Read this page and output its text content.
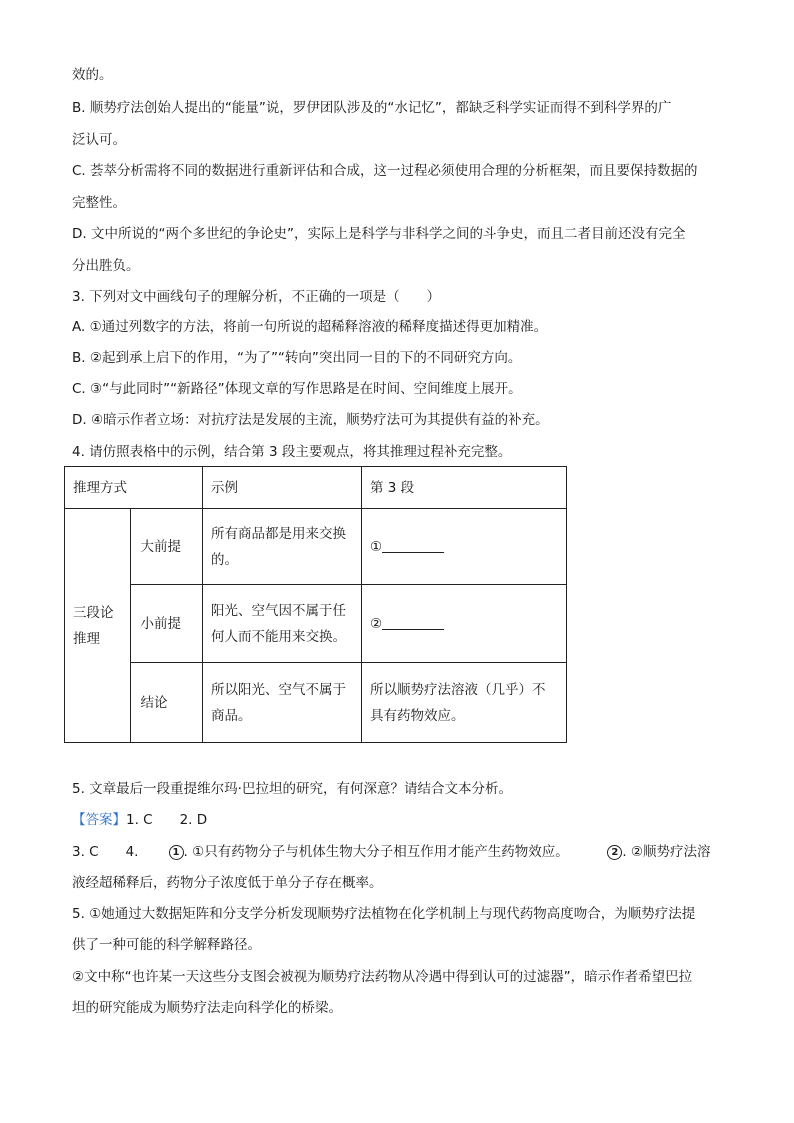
效的。
B. 顺势疗法创始人提出的“能量”说，罗伊团队涉及的“水记忆”，都缺乏科学实证而得不到科学界的广
泛认可。
C. 荟萃分析需将不同的数据进行重新评估和合成，这一过程必须使用合理的分析框架，而且要保持数据的
完整性。
D. 文中所说的“两个多世纪的争论史”，实际上是科学与非科学之间的斗争史，而且二者目前还没有完全
分出胜负。
3. 下列对文中画线句子的理解分析，不正确的一项是（　　）
A. ①通过列数字的方法，将前一句所说的超稀释溶液的稀释度描述得更加精准。
B. ②起到承上启下的作用，“为了”“转向”突出同一目的下的不同研究方向。
C. ③“与此同时”“新路径”体现文章的写作思路是在时间、空间维度上展开。
D. ④暗示作者立场：对抗疗法是发展的主流，顺势疗法可为其提供有益的补充。
4. 请仿照表格中的示例，结合第 3 段主要观点，将其推理过程补充完整。
推理方式		示例	第 3 段
三段论推理	大前提	所有商品都是用来交换的。	①
	小前提	阳光、空气因不属于任何人而不能用来交换。	②
	结论	所以阳光、空气不属于商品。	所以顺势疗法溶液（几乎）不具有药物效应。
5. 文章最后一段重提维尔玛·巴拉坦的研究，有何深意？请结合文本分析。
【答案】1. C　　2. D
3. C　　4.	1 . ①只有药物分子与机体生物大分子相互作用才能产生药物效应。	2 . ②顺势疗法溶
液经超稀释后，药物分子浓度低于单分子存在概率。
5. ①她通过大数据矩阵和分支学分析发现顺势疗法植物在化学机制上与现代药物高度吻合，为顺势疗法提
供了一种可能的科学解释路径。
②文中称“也许某一天这些分支图会被视为顺势疗法药物从冷遇中得到认可的过滤器”，暗示作者希望巴拉
坦的研究能成为顺势疗法走向科学化的桥梁。
